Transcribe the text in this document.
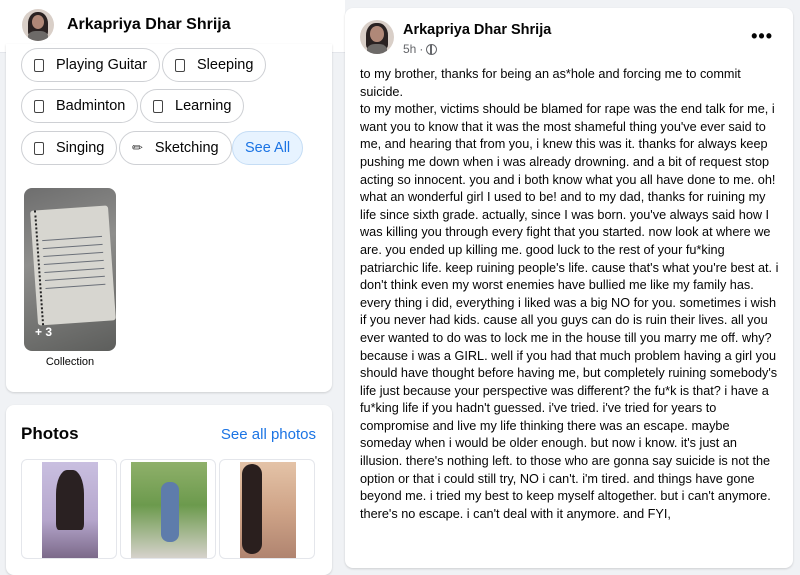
Arkapriya Dhar Shrija
Playing Guitar	Sleeping
Badminton	Learning
Singing ✏ Sketching See All
+ 3
Collection
Photos	See all photos
Arkapriya Dhar Shrija
5h ·
•••
to my brother, thanks for being an as*hole and forcing me to commit suicide.
to my mother, victims should be blamed for rape was the end talk for me, i want you to know that it was the most shameful thing you've ever said to me, and hearing that from you, i knew this was it. thanks for always keep pushing me down when i was already drowning. and a bit of request stop acting so innocent. you and i both know what you all have done to me. oh! what an wonderful girl I used to be! and to my dad, thanks for ruining my life since sixth grade. actually, since I was born. you've always said how I was killing you through every fight that you started. now look at where we are. you ended up killing me. good luck to the rest of your fu*king patriarchic life. keep ruining people's life. cause that's what you're best at. i don't think even my worst enemies have bullied me like my family has. every thing i did, everything i liked was a big NO for you. sometimes i wish if you never had kids. cause all you guys can do is ruin their lives. all you ever wanted to do was to lock me in the house till you marry me off. why? because i was a GIRL. well if you had that much problem having a girl you should have thought before having me, but completely ruining somebody's life just because your perspective was different? the fu*k is that? i have a fu*king life if you hadn't guessed. i've tried. i've tried for years to compromise and live my life thinking there was an escape. maybe someday when i would be older enough. but now i know. it's just an illusion. there's nothing left. to those who are gonna say suicide is not the option or that i could still try, NO i can't. i'm tired. and things have gone beyond me. i tried my best to keep myself altogether. but i can't anymore. there's no escape. i can't deal with it anymore. and FYI,
